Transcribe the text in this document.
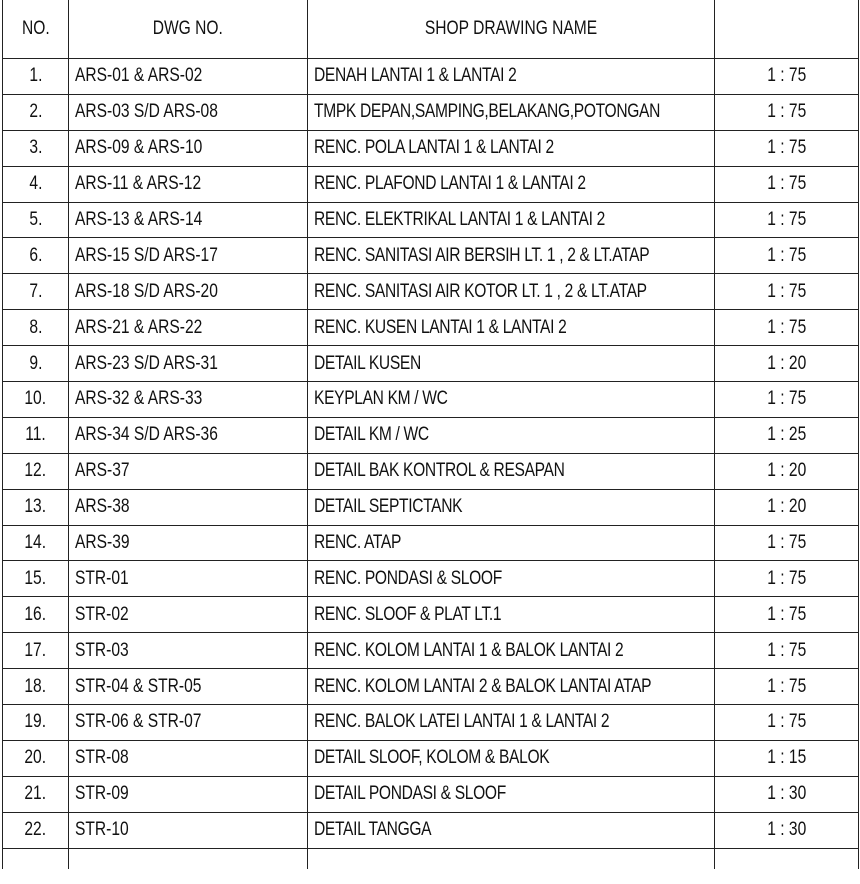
NO.	DWG NO.	SHOP DRAWING NAME	
1.	ARS-01 & ARS-02	DENAH LANTAI 1 & LANTAI 2	1 : 75
2.	ARS-03 S/D ARS-08	TMPK DEPAN,SAMPING,BELAKANG,POTONGAN	1 : 75
3.	ARS-09 & ARS-10	RENC. POLA LANTAI 1 & LANTAI 2	1 : 75
4.	ARS-11 & ARS-12	RENC. PLAFOND LANTAI 1 & LANTAI 2	1 : 75
5.	ARS-13 & ARS-14	RENC. ELEKTRIKAL LANTAI 1 & LANTAI 2	1 : 75
6.	ARS-15 S/D ARS-17	RENC. SANITASI AIR BERSIH LT. 1 , 2 & LT.ATAP	1 : 75
7.	ARS-18 S/D ARS-20	RENC. SANITASI AIR KOTOR LT. 1 , 2 & LT.ATAP	1 : 75
8.	ARS-21 & ARS-22	RENC. KUSEN LANTAI 1 & LANTAI 2	1 : 75
9.	ARS-23 S/D ARS-31	DETAIL KUSEN	1 : 20
10.	ARS-32 & ARS-33	KEYPLAN KM / WC	1 : 75
11.	ARS-34 S/D ARS-36	DETAIL KM / WC	1 : 25
12.	ARS-37	DETAIL BAK KONTROL & RESAPAN	1 : 20
13.	ARS-38	DETAIL SEPTICTANK	1 : 20
14.	ARS-39	RENC. ATAP	1 : 75
15.	STR-01	RENC. PONDASI & SLOOF	1 : 75
16.	STR-02	RENC. SLOOF & PLAT LT.1	1 : 75
17.	STR-03	RENC. KOLOM LANTAI 1 & BALOK LANTAI 2	1 : 75
18.	STR-04 & STR-05	RENC. KOLOM LANTAI 2 & BALOK LANTAI ATAP	1 : 75
19.	STR-06 & STR-07	RENC. BALOK LATEI LANTAI 1 & LANTAI 2	1 : 75
20.	STR-08	DETAIL SLOOF, KOLOM & BALOK	1 : 15
21.	STR-09	DETAIL PONDASI & SLOOF	1 : 30
22.	STR-10	DETAIL TANGGA	1 : 30
